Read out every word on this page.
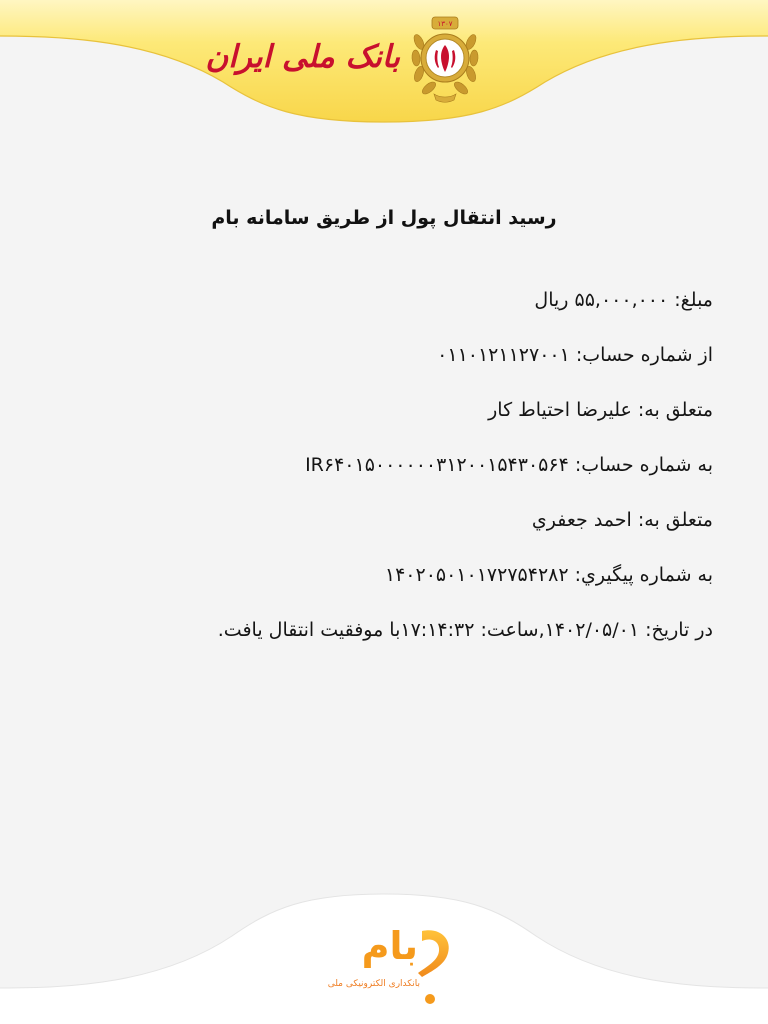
بانک ملی ایران
۱۳۰۷
رسید انتقال پول از طریق سامانه بام

مبلغ: ۵۵,۰۰۰,۰۰۰ ريال

از شماره حساب: ۰۱۱۰۱۲۱۱۲۷۰۰۱

متعلق به: عليرضا احتياط كار

به شماره حساب: IR۶۴۰۱۵۰۰۰۰۰۰۳۱۲۰۰۱۵۴۳۰۵۶۴

متعلق به: احمد جعفري

به شماره پيگيري: ۱۴۰۲۰۵۰۱۰۱۷۲۷۵۴۲۸۲

در تاريخ: ۱۴۰۲/۰۵/۰۱,ساعت: ۱۷:۱۴:۳۲با موفقيت انتقال يافت.

بام
بانکداری الکترونیکی ملی
